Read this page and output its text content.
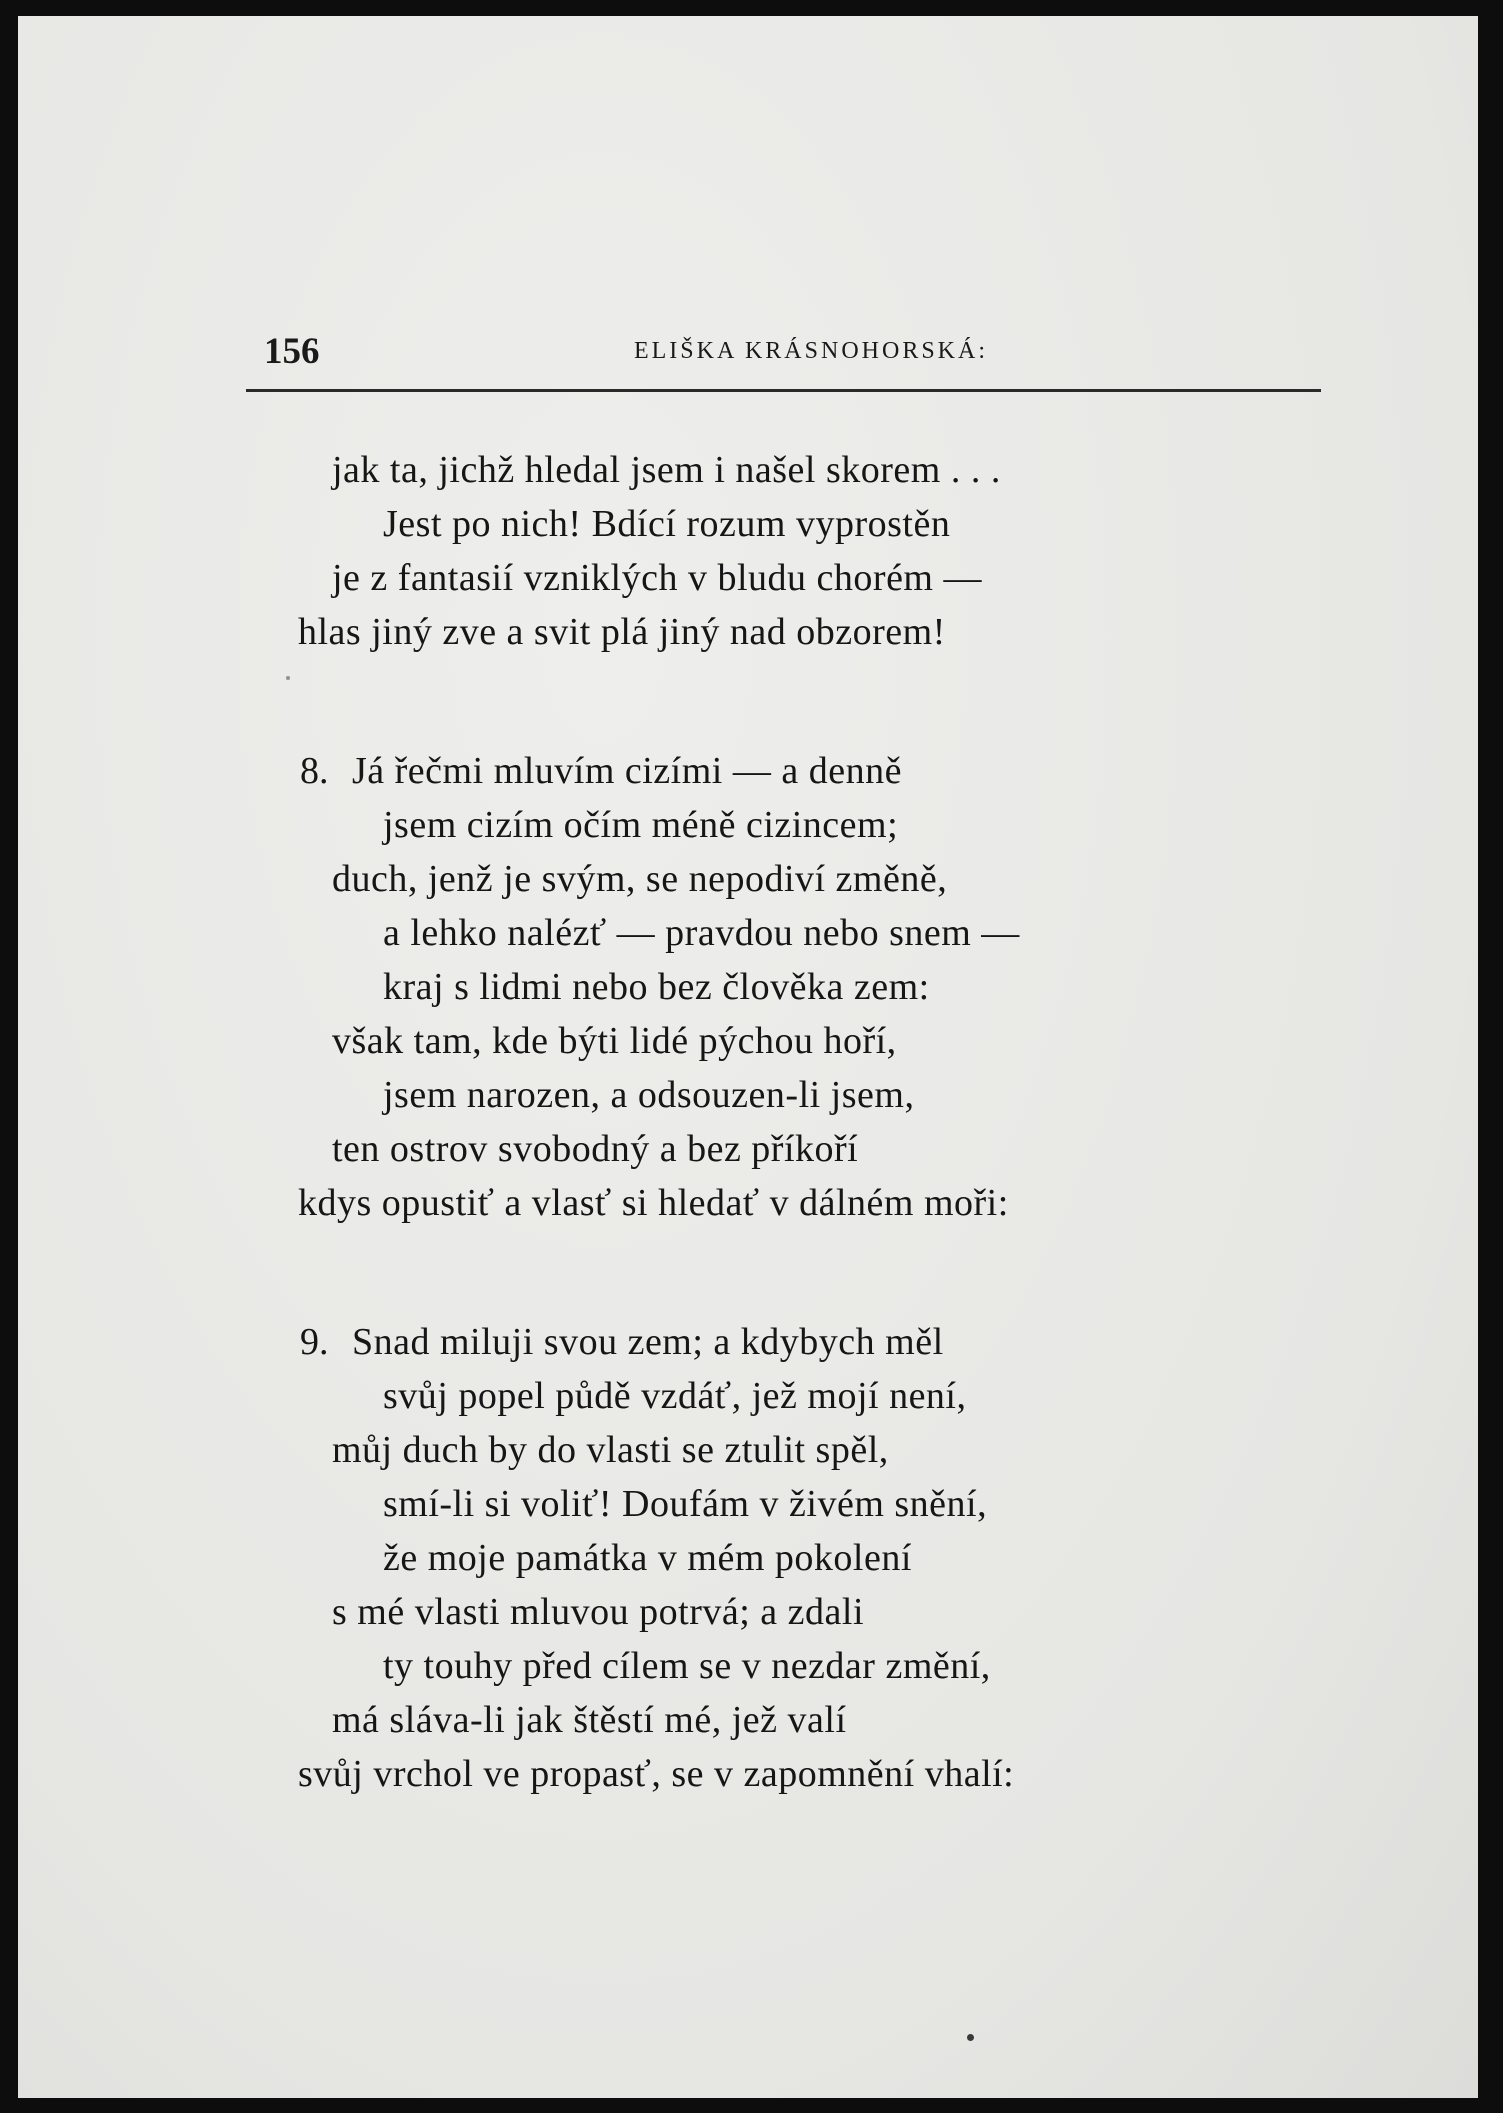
156	ELIŠKA KRÁSNOHORSKÁ:
jak ta, jichž hledal jsem i našel skorem . . .
Jest po nich! Bdící rozum vyprostěn
je z fantasií vzniklých v bludu chorém —
hlas jiný zve a svit plá jiný nad obzorem!
8. Já řečmi mluvím cizími — a denně
jsem cizím očím méně cizincem;
duch, jenž je svým, se nepodiví změně,
a lehko nalézť — pravdou nebo snem —
kraj s lidmi nebo bez člověka zem:
však tam, kde býti lidé pýchou hoří,
jsem narozen, a odsouzen-li jsem,
ten ostrov svobodný a bez příkoří
kdys opustiť a vlasť si hledať v dálném moři:
9. Snad miluji svou zem; a kdybych měl
svůj popel půdě vzdáť, jež mojí není,
můj duch by do vlasti se ztulit spěl,
smí-li si voliť! Doufám v živém snění,
že moje památka v mém pokolení
s mé vlasti mluvou potrvá; a zdali
ty touhy před cílem se v nezdar změní,
má sláva-li jak štěstí mé, jež valí
svůj vrchol ve propasť, se v zapomnění vhalí:
